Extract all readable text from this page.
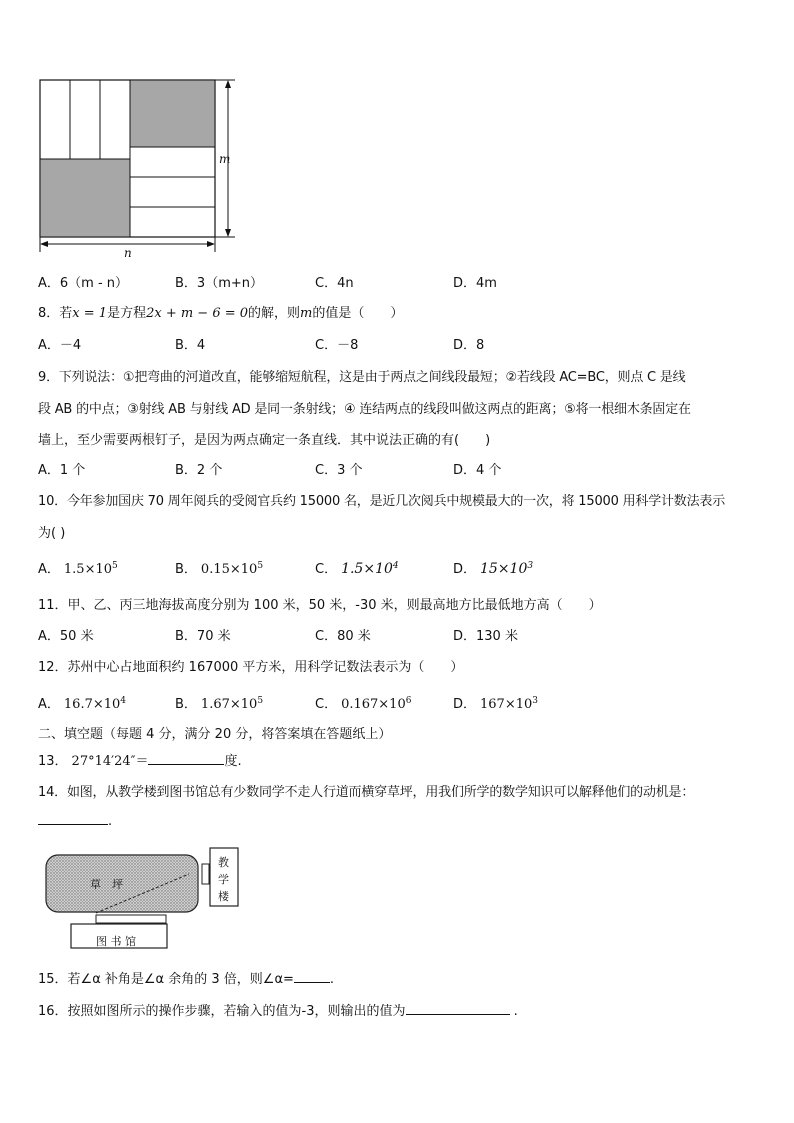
m
n
A．6（m - n）	B．3（m+n）	C．4n	D．4m
8．若x = 1是方程2x + m − 6 = 0的解，则m的值是（　　）
A．－4	B．4	C．－8	D．8
9．下列说法：①把弯曲的河道改直，能够缩短航程，这是由于两点之间线段最短；②若线段 AC=BC，则点 C 是线
段 AB 的中点；③射线 AB 与射线 AD 是同一条射线；④ 连结两点的线段叫做这两点的距离；⑤将一根细木条固定在
墙上，至少需要两根钉子，是因为两点确定一条直线．其中说法正确的有(　　)
A．1 个	B．2 个	C．3 个	D．4 个
10．今年参加国庆 70 周年阅兵的受阅官兵约 15000 名，是近几次阅兵中规模最大的一次，将 15000 用科学计数法表示
为( )
A． $1.5\times 10^5$	B． $0.15\times 10^5$	C． $1.5\times 10^4$	D． $15\times 10^3$
11．甲、乙、丙三地海拔高度分别为 100 米，50 米，-30 米，则最高地方比最低地方高（　　）
A．50 米	B．70 米	C．80 米	D．130 米
12．苏州中心占地面积约 167000 平方米，用科学记数法表示为（　　）
A． $16.7\times 10^4$	B． $1.67\times 10^5$	C． $0.167\times 10^6$	D． $167\times 10^3$
二、填空题（每题 4 分，满分 20 分，将答案填在答题纸上）
13． 27°14′24″＝	度.
14．如图，从教学楼到图书馆总有少数同学不走人行道而横穿草坪，用我们所学的数学知识可以解释他们的动机是：
.
草　坪
图 书 馆
教
学
楼
15．若∠α 补角是∠α 余角的 3 倍，则∠α=	.
16．按照如图所示的操作步骤，若输入的值为-3，则输出的值为	.
